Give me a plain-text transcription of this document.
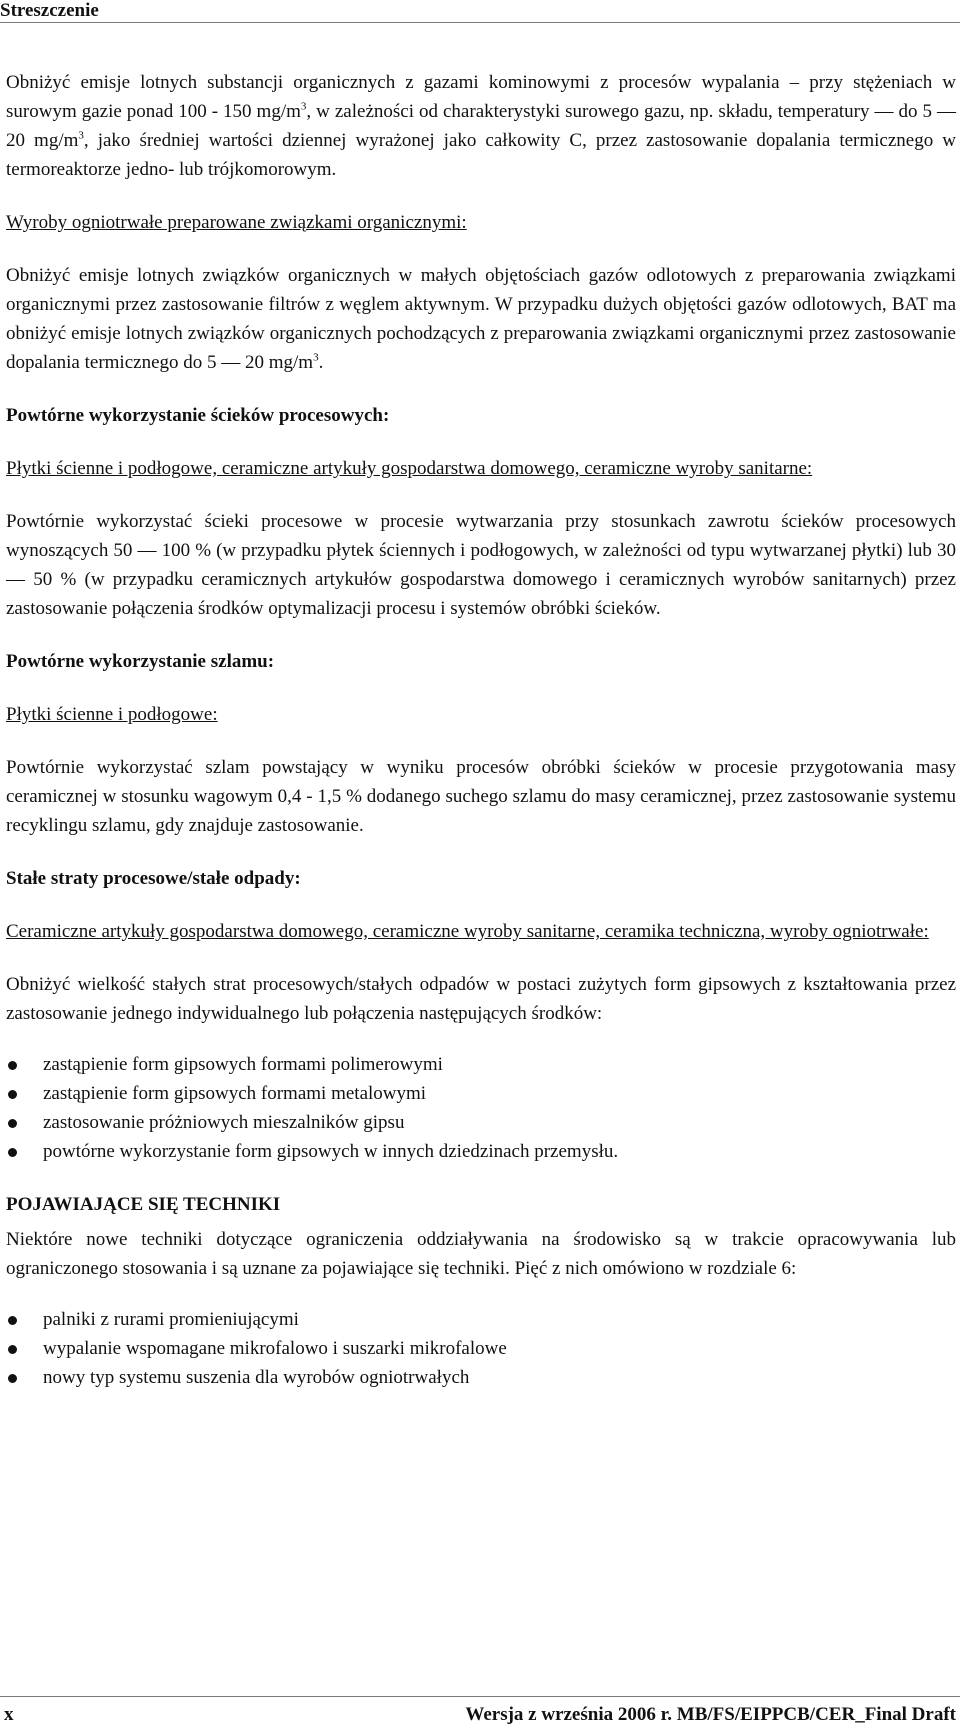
Streszczenie

Obniżyć emisje lotnych substancji organicznych z gazami kominowymi z procesów wypalania – przy stężeniach w surowym gazie ponad 100 - 150 $mg/m^3$, w zależności od charakterystyki surowego gazu, np. składu, temperatury — do 5 — 20 $mg/m^3$, jako średniej wartości dziennej wyrażonej jako całkowity C, przez zastosowanie dopalania termicznego w termoreaktorze jedno- lub trójkomorowym.

Wyroby ogniotrwałe preparowane związkami organicznymi:

Obniżyć emisje lotnych związków organicznych w małych objętościach gazów odlotowych z preparowania związkami organicznymi przez zastosowanie filtrów z węglem aktywnym. W przypadku dużych objętości gazów odlotowych, BAT ma obniżyć emisje lotnych związków organicznych pochodzących z preparowania związkami organicznymi przez zastosowanie dopalania termicznego do 5 — 20 $mg/m^3$.

Powtórne wykorzystanie ścieków procesowych:

Płytki ścienne i podłogowe, ceramiczne artykuły gospodarstwa domowego, ceramiczne wyroby sanitarne:

Powtórnie wykorzystać ścieki procesowe w procesie wytwarzania przy stosunkach zawrotu ścieków procesowych wynoszących 50 — 100 % (w przypadku płytek ściennych i podłogowych, w zależności od typu wytwarzanej płytki) lub 30 — 50 % (w przypadku ceramicznych artykułów gospodarstwa domowego i ceramicznych wyrobów sanitarnych) przez zastosowanie połączenia środków optymalizacji procesu i systemów obróbki ścieków.

Powtórne wykorzystanie szlamu:

Płytki ścienne i podłogowe:

Powtórnie wykorzystać szlam powstający w wyniku procesów obróbki ścieków w procesie przygotowania masy ceramicznej w stosunku wagowym 0,4 - 1,5 % dodanego suchego szlamu do masy ceramicznej, przez zastosowanie systemu recyklingu szlamu, gdy znajduje zastosowanie.

Stałe straty procesowe/stałe odpady:

Ceramiczne artykuły gospodarstwa domowego, ceramiczne wyroby sanitarne, ceramika techniczna, wyroby ogniotrwałe:

Obniżyć wielkość stałych strat procesowych/stałych odpadów w postaci zużytych form gipsowych z kształtowania przez zastosowanie jednego indywidualnego lub połączenia następujących środków:

zastąpienie form gipsowych formami polimerowymi
zastąpienie form gipsowych formami metalowymi
zastosowanie próżniowych mieszalników gipsu
powtórne wykorzystanie form gipsowych w innych dziedzinach przemysłu.
POJAWIAJĄCE SIĘ TECHNIKI

Niektóre nowe techniki dotyczące ograniczenia oddziaływania na środowisko są w trakcie opracowywania lub ograniczonego stosowania i są uznane za pojawiające się techniki. Pięć z nich omówiono w rozdziale 6:

palniki z rurami promieniującymi
wypalanie wspomagane mikrofalowo i suszarki mikrofalowe
nowy typ systemu suszenia dla wyrobów ogniotrwałych
x	Wersja z września 2006 r. MB/FS/EIPPCB/CER_Final Draft
